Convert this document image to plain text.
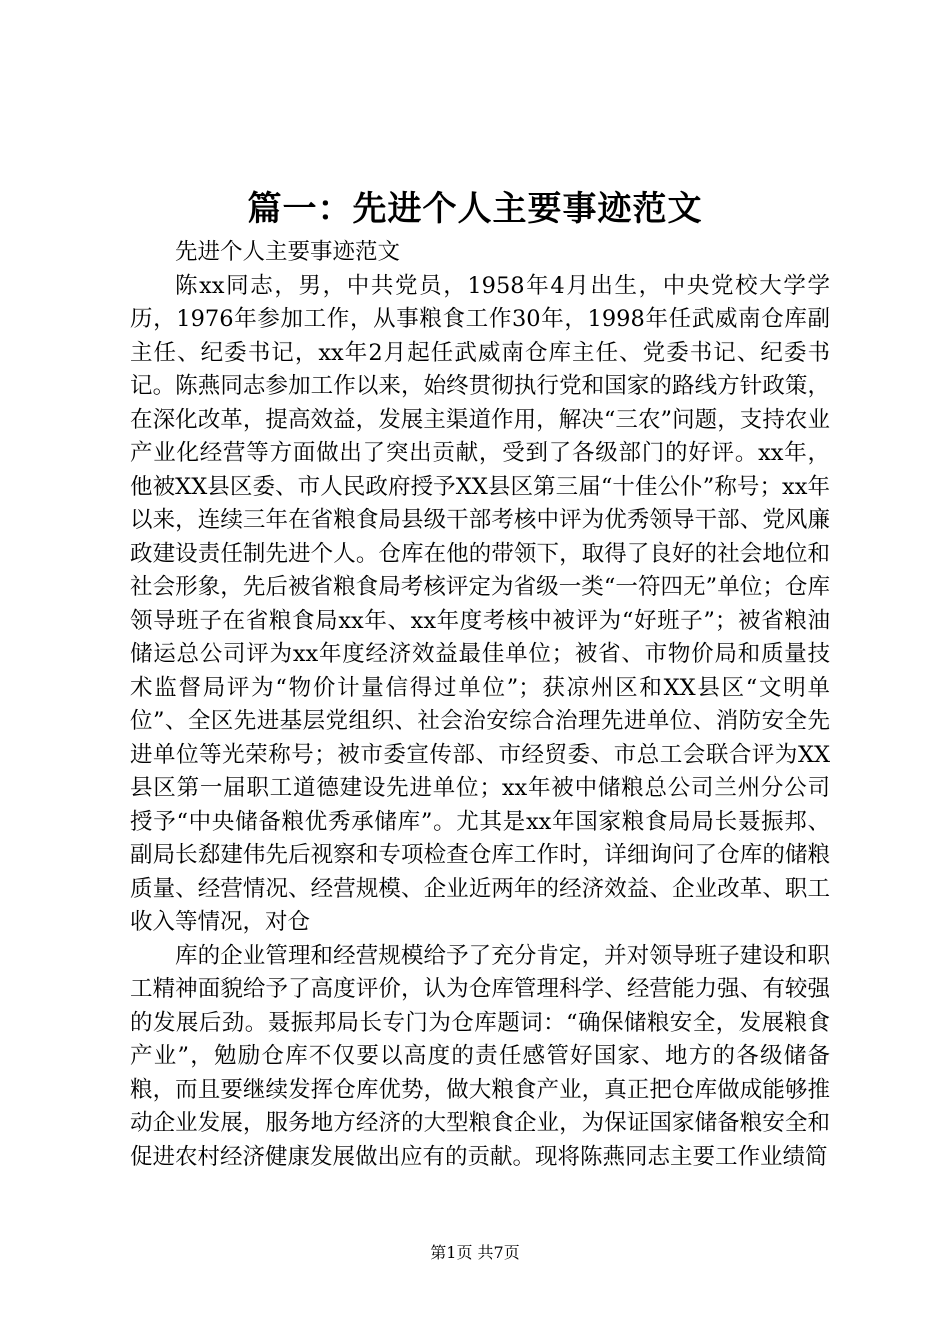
篇一：先进个人主要事迹范文

先进个人主要事迹范文

陈xx同志，男，中共党员，1958年4月出生，中央党校大学学历，1976年参加工作，从事粮食工作30年，1998年任武威南仓库副主任、纪委书记，xx年2月起任武威南仓库主任、党委书记、纪委书记。陈燕同志参加工作以来，始终贯彻执行党和国家的路线方针政策，在深化改革，提高效益，发展主渠道作用，解决“三农”问题，支持农业产业化经营等方面做出了突出贡献，受到了各级部门的好评。xx年，他被XX县区委、市人民政府授予XX县区第三届“十佳公仆”称号；xx年以来，连续三年在省粮食局县级干部考核中评为优秀领导干部、党风廉政建设责任制先进个人。仓库在他的带领下，取得了良好的社会地位和社会形象，先后被省粮食局考核评定为省级一类“一符四无”单位；仓库领导班子在省粮食局xx年、xx年度考核中被评为“好班子”；被省粮油储运总公司评为xx年度经济效益最佳单位；被省、市物价局和质量技术监督局评为“物价计量信得过单位”；获凉州区和XX县区“文明单位”、全区先进基层党组织、社会治安综合治理先进单位、消防安全先进单位等光荣称号；被市委宣传部、市经贸委、市总工会联合评为XX县区第一届职工道德建设先进单位；xx年被中储粮总公司兰州分公司授予“中央储备粮优秀承储库”。尤其是xx年国家粮食局局长聂振邦、副局长郄建伟先后视察和专项检查仓库工作时，详细询问了仓库的储粮质量、经营情况、经营规模、企业近两年的经济效益、企业改革、职工收入等情况，对仓

库的企业管理和经营规模给予了充分肯定，并对领导班子建设和职工精神面貌给予了高度评价，认为仓库管理科学、经营能力强、有较强的发展后劲。聂振邦局长专门为仓库题词：“确保储粮安全，发展粮食产业”，勉励仓库不仅要以高度的责任感管好国家、地方的各级储备粮，而且要继续发挥仓库优势，做大粮食产业，真正把仓库做成能够推动企业发展，服务地方经济的大型粮食企业，为保证国家储备粮安全和促进农村经济健康发展做出应有的贡献。现将陈燕同志主要工作业绩简

第1页 共7页
